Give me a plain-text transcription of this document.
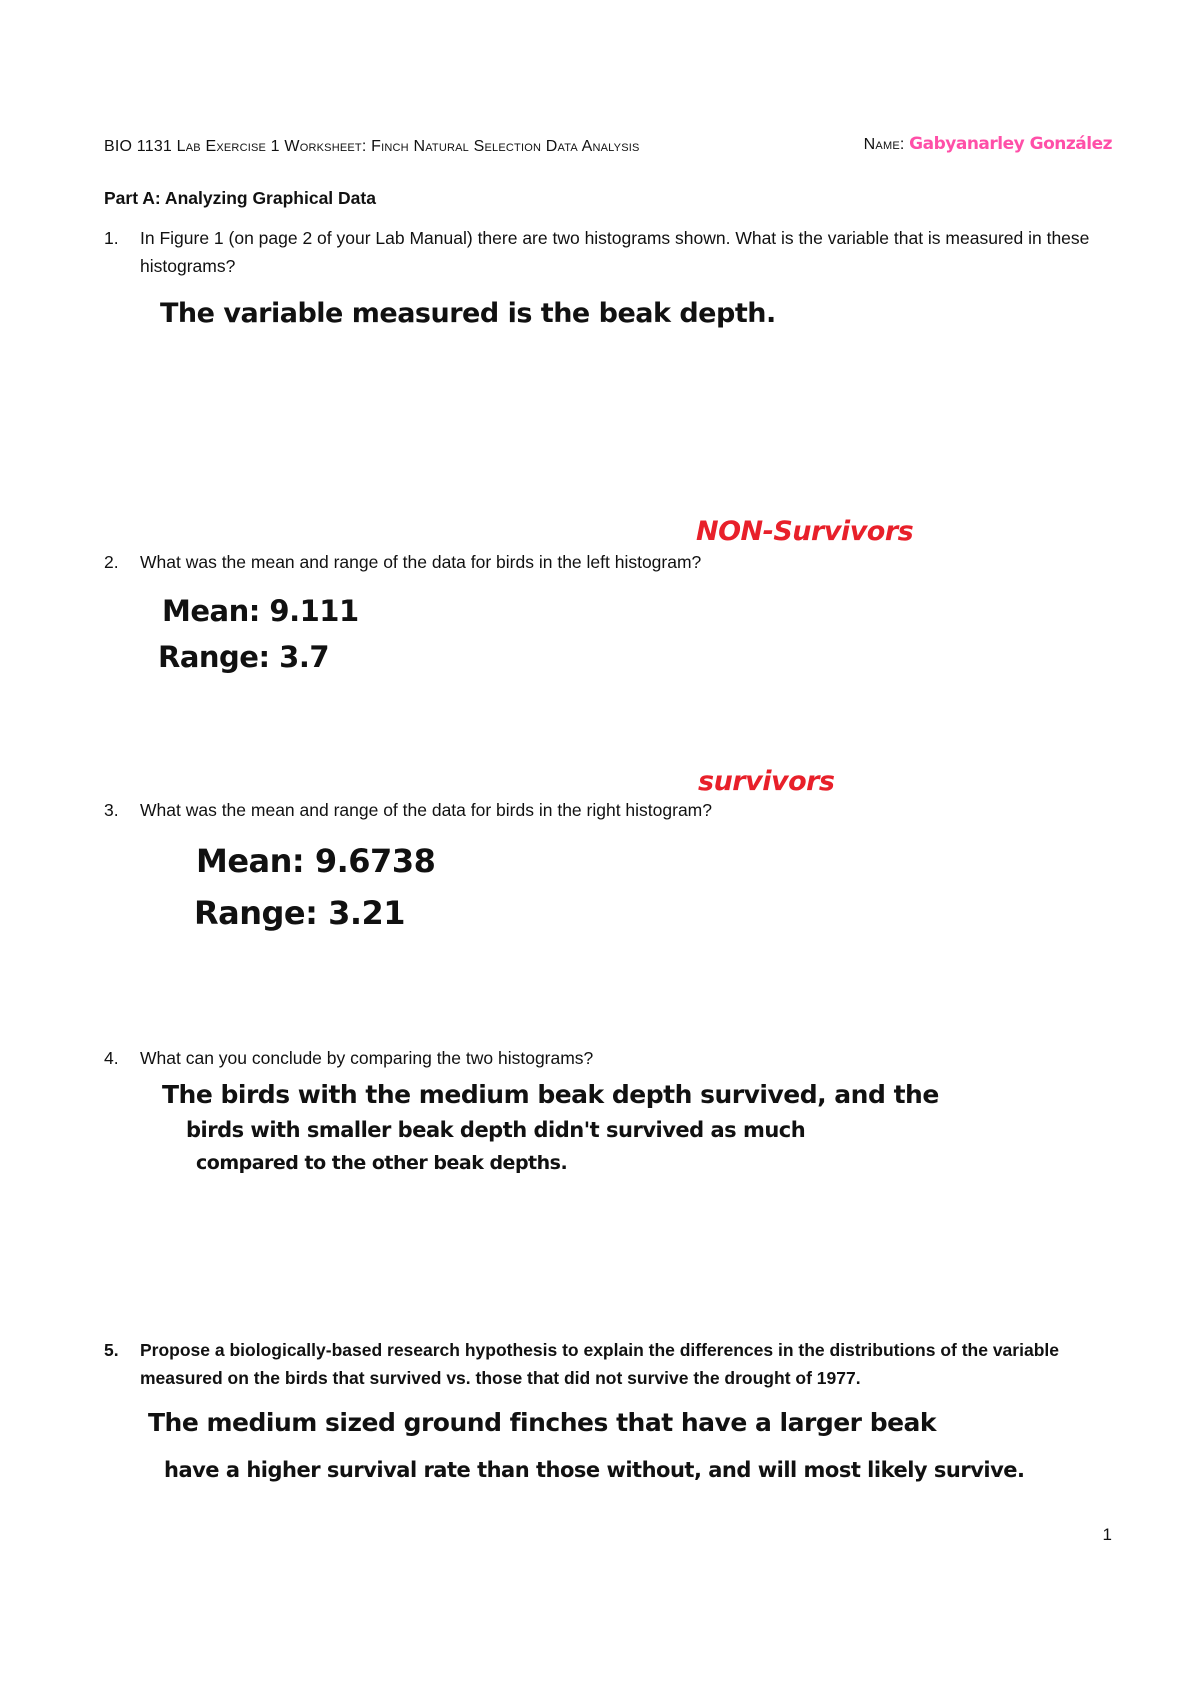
BIO 1131 Lab Exercise 1 Worksheet: Finch Natural Selection Data Analysis	Name: Gabyanarley González
Part A: Analyzing Graphical Data
1. In Figure 1 (on page 2 of your Lab Manual) there are two histograms shown. What is the variable that is measured in these histograms?
The variable measured is the beak depth.
NON-Survivors
2. What was the mean and range of the data for birds in the left histogram?
Mean: 9.111
Range: 3.7
survivors
3. What was the mean and range of the data for birds in the right histogram?
Mean: 9.6738
Range: 3.21
4. What can you conclude by comparing the two histograms?
The birds with the medium beak depth survived, and the
birds with smaller beak depth didn't survived as much
compared to the other beak depths.
5. Propose a biologically-based research hypothesis to explain the differences in the distributions of the variable measured on the birds that survived vs. those that did not survive the drought of 1977.
The medium sized ground finches that have a larger beak
have a higher survival rate than those without, and will most likely survive.
1
